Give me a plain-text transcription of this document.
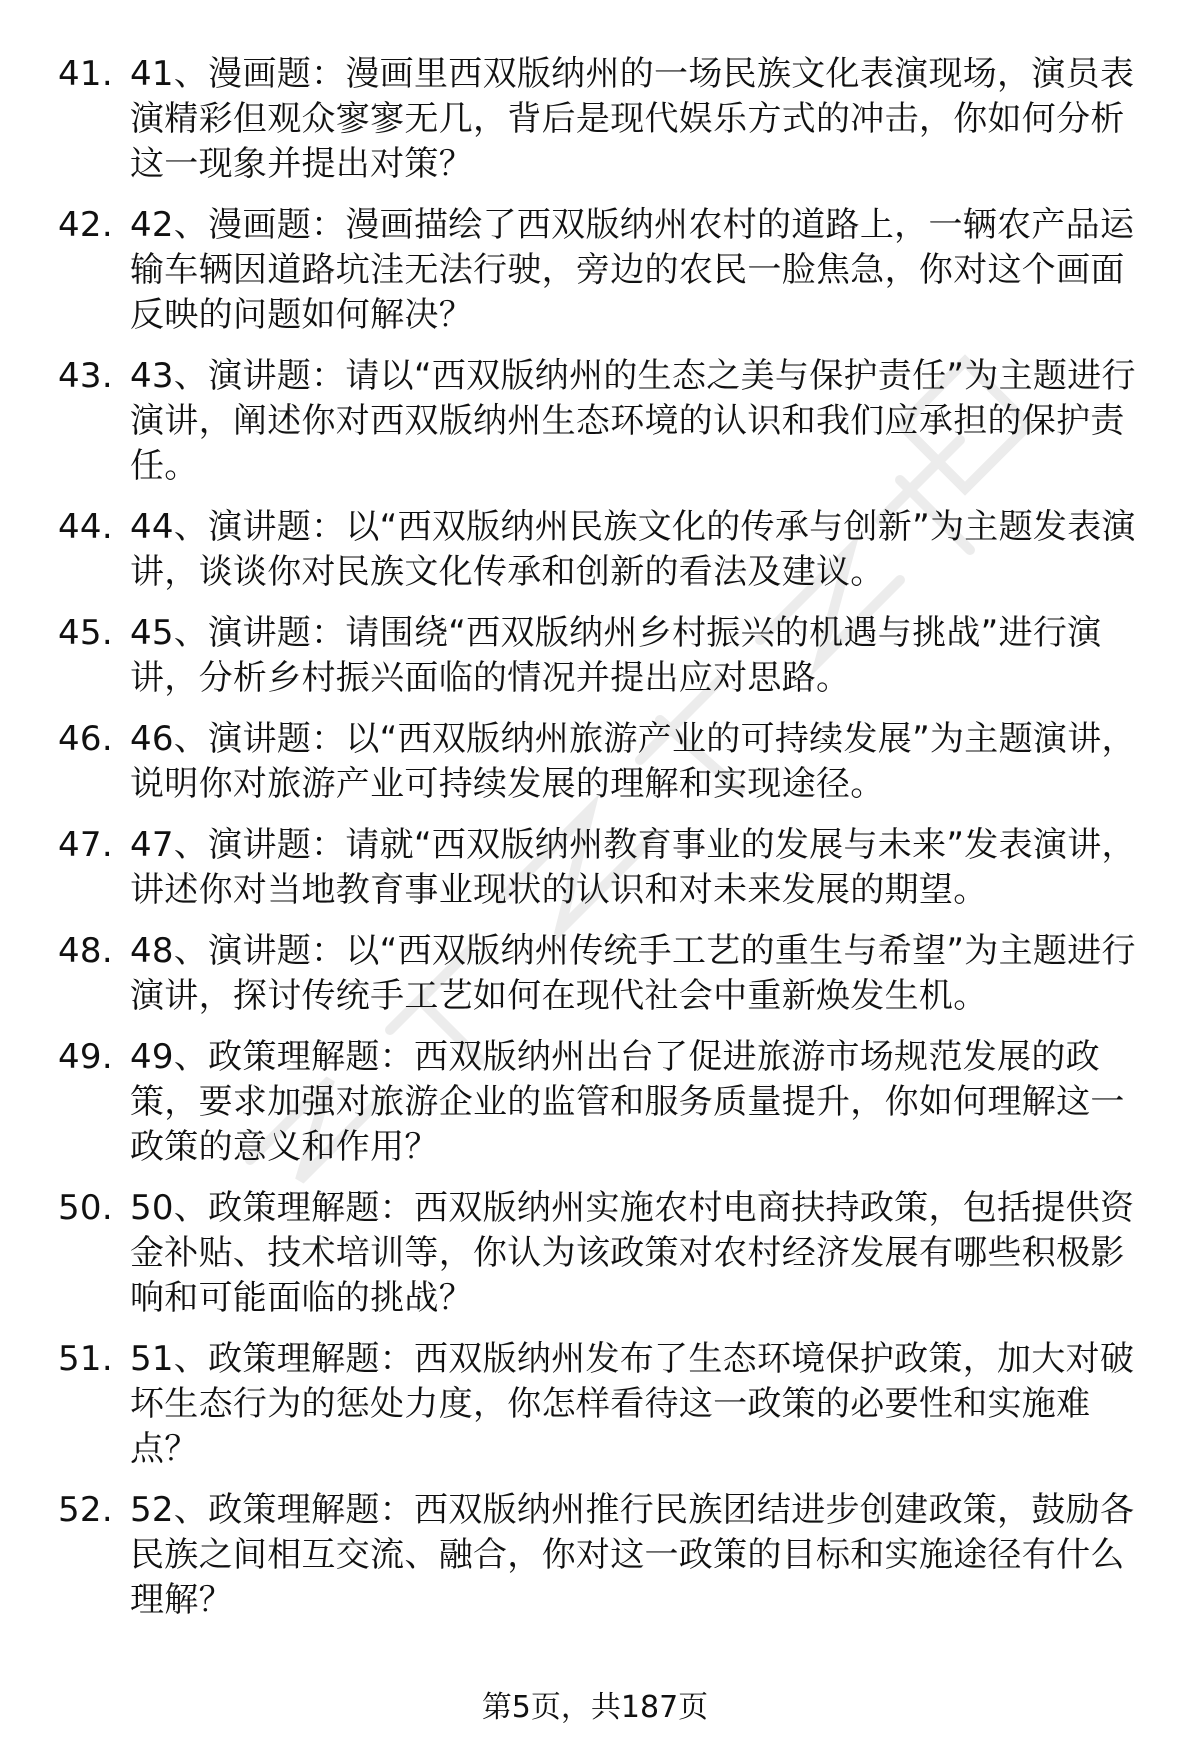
41. 41、漫画题：漫画里西双版纳州的一场民族文化表演现场，演员表演精彩但观众寥寥无几，背后是现代娱乐方式的冲击，你如何分析这一现象并提出对策？
42. 42、漫画题：漫画描绘了西双版纳州农村的道路上，一辆农产品运输车辆因道路坑洼无法行驶，旁边的农民一脸焦急，你对这个画面反映的问题如何解决？
43. 43、演讲题：请以“西双版纳州的生态之美与保护责任”为主题进行演讲，阐述你对西双版纳州生态环境的认识和我们应承担的保护责任。
44. 44、演讲题：以“西双版纳州民族文化的传承与创新”为主题发表演讲，谈谈你对民族文化传承和创新的看法及建议。
45. 45、演讲题：请围绕“西双版纳州乡村振兴的机遇与挑战”进行演讲，分析乡村振兴面临的情况并提出应对思路。
46. 46、演讲题：以“西双版纳州旅游产业的可持续发展”为主题演讲，说明你对旅游产业可持续发展的理解和实现途径。
47. 47、演讲题：请就“西双版纳州教育事业的发展与未来”发表演讲，讲述你对当地教育事业现状的认识和对未来发展的期望。
48. 48、演讲题：以“西双版纳州传统手工艺的重生与希望”为主题进行演讲，探讨传统手工艺如何在现代社会中重新焕发生机。
49. 49、政策理解题：西双版纳州出台了促进旅游市场规范发展的政策，要求加强对旅游企业的监管和服务质量提升，你如何理解这一政策的意义和作用？
50. 50、政策理解题：西双版纳州实施农村电商扶持政策，包括提供资金补贴、技术培训等，你认为该政策对农村经济发展有哪些积极影响和可能面临的挑战？
51. 51、政策理解题：西双版纳州发布了生态环境保护政策，加大对破坏生态行为的惩处力度，你怎样看待这一政策的必要性和实施难点？
52. 52、政策理解题：西双版纳州推行民族团结进步创建政策，鼓励各民族之间相互交流、融合，你对这一政策的目标和实施途径有什么理解？
第5页，共187页
